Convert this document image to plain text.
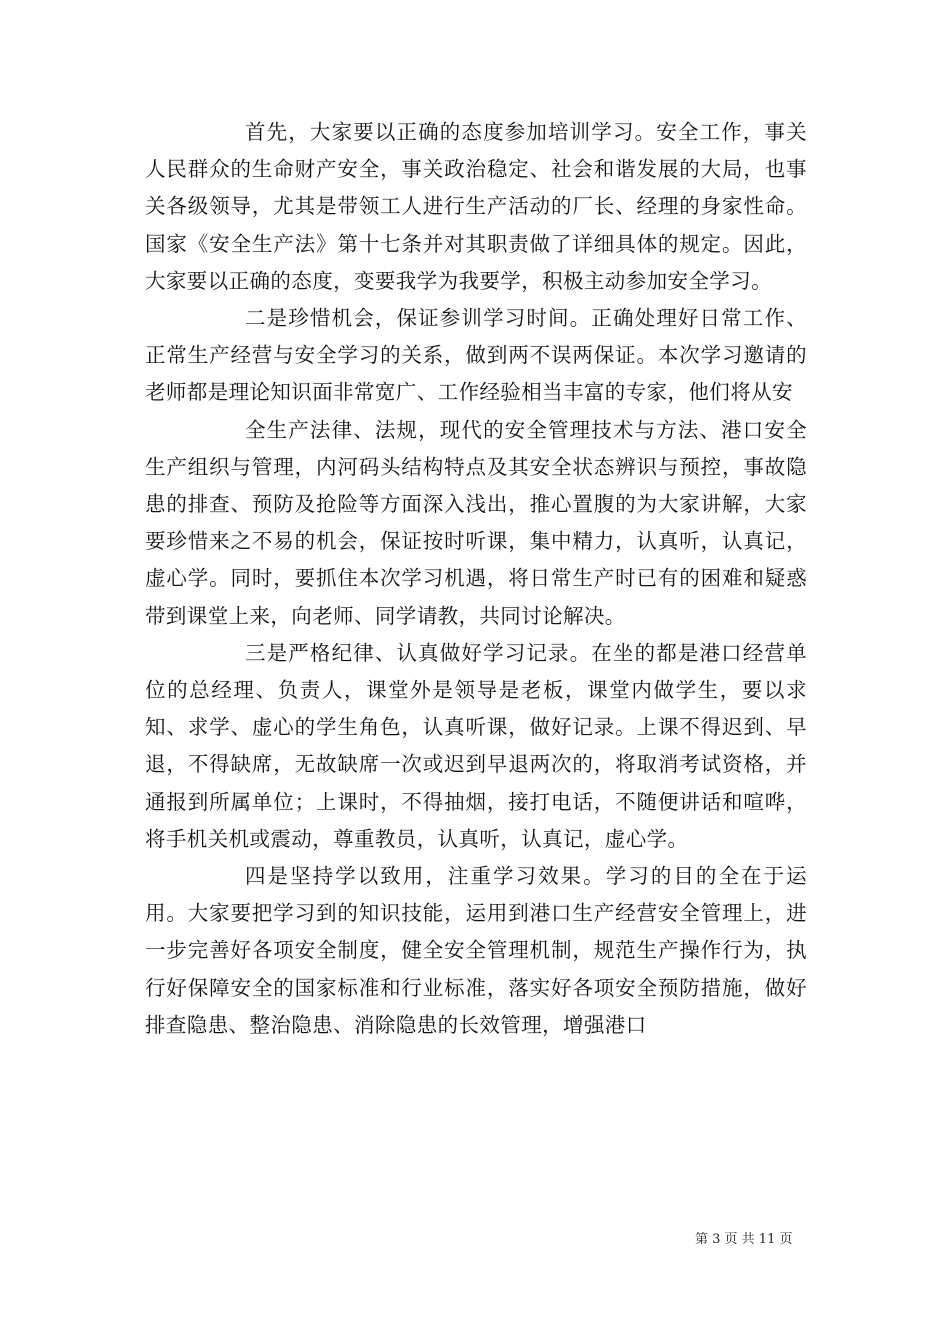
首先，大家要以正确的态度参加培训学习。安全工作，事关人民群众的生命财产安全，事关政治稳定、社会和谐发展的大局，也事关各级领导，尤其是带领工人进行生产活动的厂长、经理的身家性命。国家《安全生产法》第十七条并对其职责做了详细具体的规定。因此，大家要以正确的态度，变要我学为我要学，积极主动参加安全学习。

二是珍惜机会，保证参训学习时间。正确处理好日常工作、正常生产经营与安全学习的关系，做到两不误两保证。本次学习邀请的老师都是理论知识面非常宽广、工作经验相当丰富的专家，他们将从安

全生产法律、法规，现代的安全管理技术与方法、港口安全生产组织与管理，内河码头结构特点及其安全状态辨识与预控，事故隐患的排查、预防及抢险等方面深入浅出，推心置腹的为大家讲解，大家要珍惜来之不易的机会，保证按时听课，集中精力，认真听，认真记，虚心学。同时，要抓住本次学习机遇，将日常生产时已有的困难和疑惑带到课堂上来，向老师、同学请教，共同讨论解决。

三是严格纪律、认真做好学习记录。在坐的都是港口经营单位的总经理、负责人，课堂外是领导是老板，课堂内做学生，要以求知、求学、虚心的学生角色，认真听课，做好记录。上课不得迟到、早退，不得缺席，无故缺席一次或迟到早退两次的，将取消考试资格，并通报到所属单位；上课时，不得抽烟，接打电话，不随便讲话和喧哗，将手机关机或震动，尊重教员，认真听，认真记，虚心学。

四是坚持学以致用，注重学习效果。学习的目的全在于运用。大家要把学习到的知识技能，运用到港口生产经营安全管理上，进一步完善好各项安全制度，健全安全管理机制，规范生产操作行为，执行好保障安全的国家标准和行业标准，落实好各项安全预防措施，做好排查隐患、整治隐患、消除隐患的长效管理，增强港口

第 3 页 共 11 页
